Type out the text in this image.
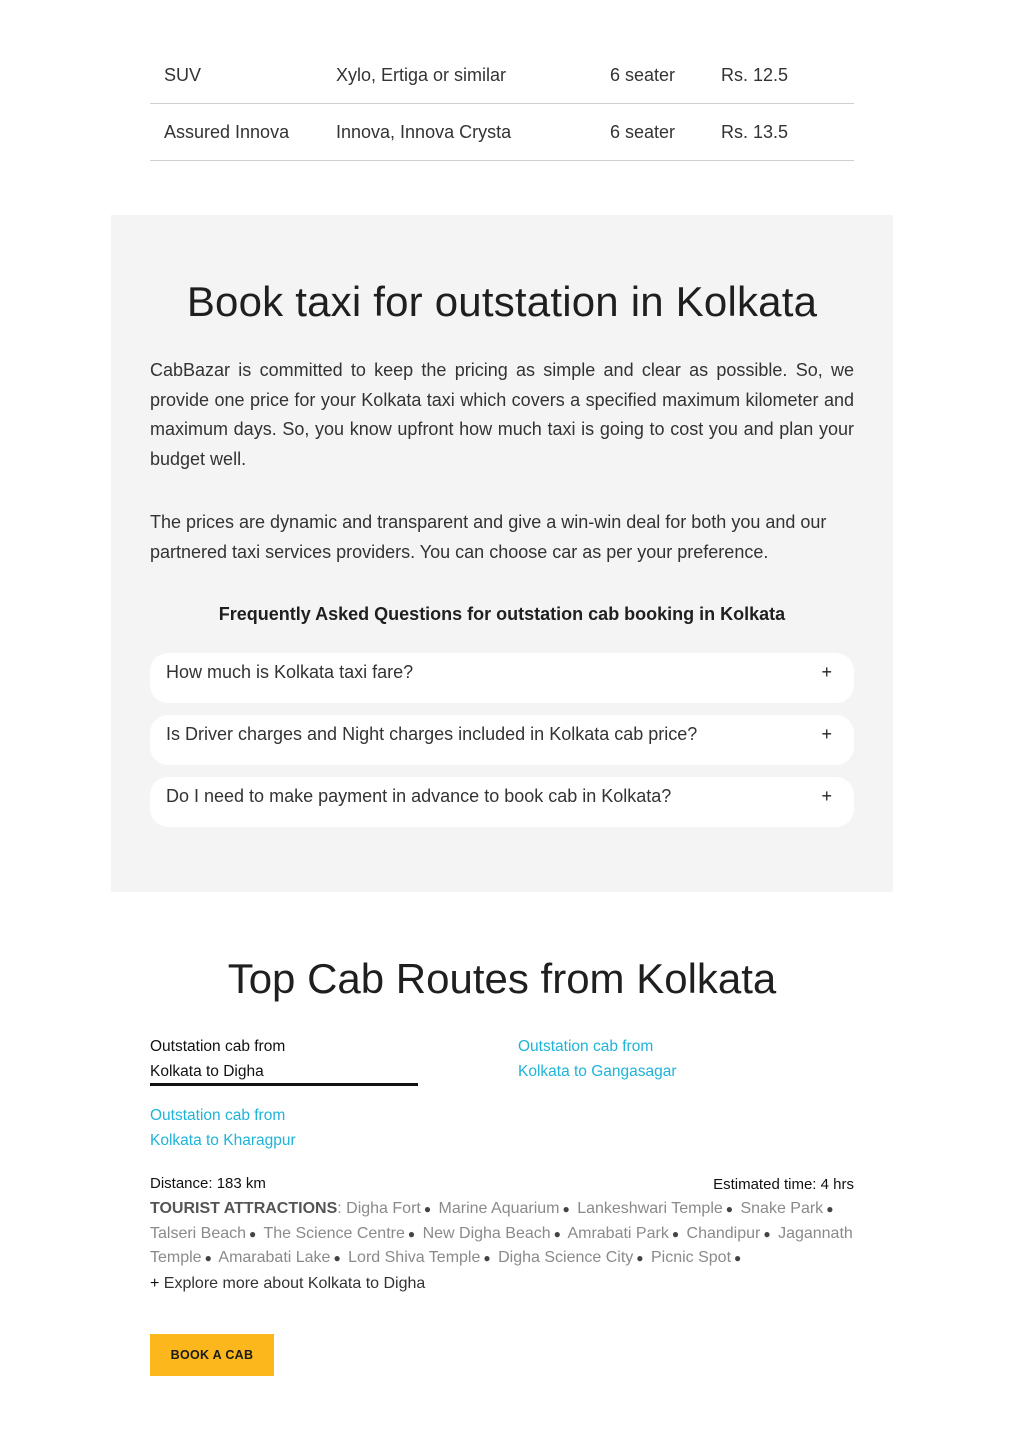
SUV	Xylo, Ertiga or similar	6 seater	Rs. 12.5
Assured Innova	Innova, Innova Crysta	6 seater	Rs. 13.5
Book taxi for outstation in Kolkata

CabBazar is committed to keep the pricing as simple and clear as possible. So, we provide one price for your Kolkata taxi which covers a specified maximum kilometer and maximum days. So, you know upfront how much taxi is going to cost you and plan your budget well.

The prices are dynamic and transparent and give a win-win deal for both you and our partnered taxi services providers. You can choose car as per your preference.

Frequently Asked Questions for outstation cab booking in Kolkata
How much is Kolkata taxi fare?	+
Is Driver charges and Night charges included in Kolkata cab price?	+
Do I need to make payment in advance to book cab in Kolkata?	+
Top Cab Routes from Kolkata
Outstation cab from
Kolkata to Digha
Outstation cab from
Kolkata to Gangasagar
Outstation cab from
Kolkata to Kharagpur
Distance: 183 km	Estimated time: 4 hrs
TOURIST ATTRACTIONS: Digha Fort ● Marine Aquarium ● Lankeshwari Temple ● Snake Park ● Talseri Beach ● The Science Centre ● New Digha Beach ● Amrabati Park ● Chandipur ● Jagannath Temple ● Amarabati Lake ● Lord Shiva Temple ● Digha Science City ● Picnic Spot ●
+ Explore more about Kolkata to Digha
BOOK A CAB
